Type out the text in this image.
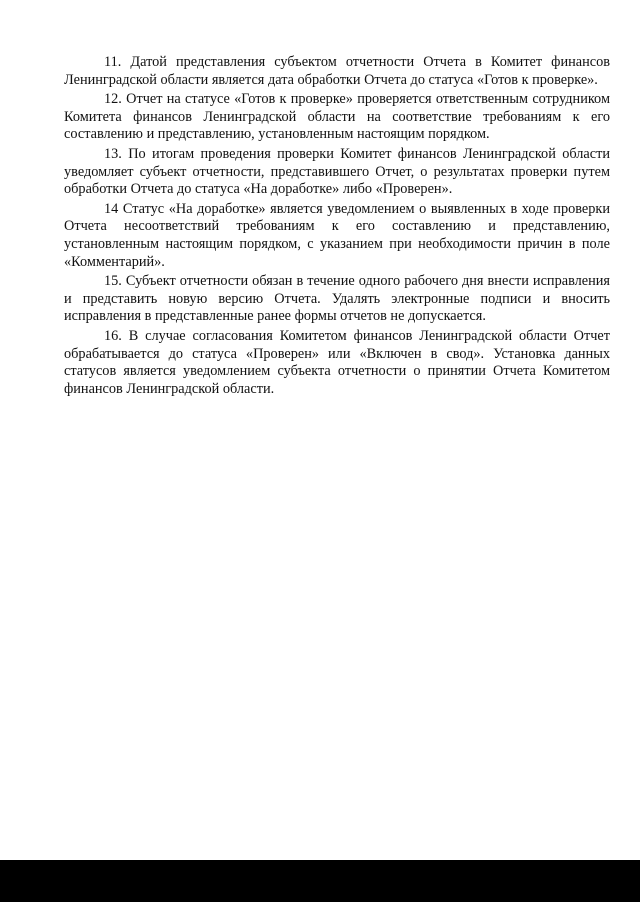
11. Датой представления субъектом отчетности Отчета в Комитет финансов Ленинградской области является дата обработки Отчета до статуса «Готов к проверке».

12. Отчет на статусе «Готов к проверке» проверяется ответственным сотрудником Комитета финансов Ленинградской области на соответствие требованиям к его составлению и представлению, установленным настоящим порядком.

13. По итогам проведения проверки Комитет финансов Ленинградской области уведомляет субъект отчетности, представившего Отчет, о результатах проверки путем обработки Отчета до статуса «На доработке» либо «Проверен».

14 Статус «На доработке» является уведомлением о выявленных в ходе проверки Отчета несоответствий требованиям к его составлению и представлению, установленным настоящим порядком, с указанием при необходимости причин в поле «Комментарий».

15. Субъект отчетности обязан в течение одного рабочего дня внести исправления и представить новую версию Отчета. Удалять электронные подписи и вносить исправления в представленные ранее формы отчетов не допускается.

16. В случае согласования Комитетом финансов Ленинградской области Отчет обрабатывается до статуса «Проверен» или «Включен в свод». Установка данных статусов является уведомлением субъекта отчетности о принятии Отчета Комитетом финансов Ленинградской области.
